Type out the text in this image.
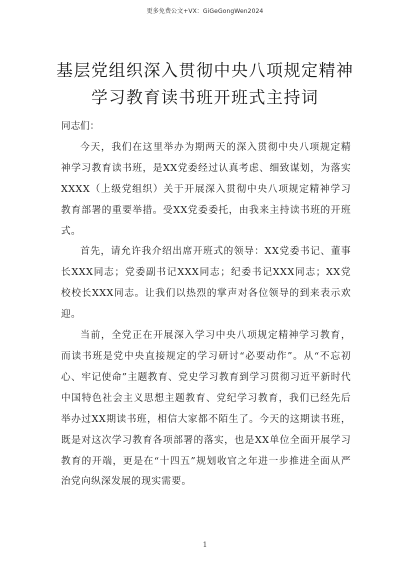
更多免费公文+VX：GiGeGongWen2024
基层党组织深入贯彻中央八项规定精神
学习教育读书班开班式主持词

同志们：

今天，我们在这里举办为期两天的深入贯彻中央八项规定精神学习教育读书班，是XX党委经过认真考虑、细致谋划，为落实XXXX（上级党组织）关于开展深入贯彻中央八项规定精神学习教育部署的重要举措。受XX党委委托，由我来主持读书班的开班式。

首先，请允许我介绍出席开班式的领导：XX党委书记、董事长XXX同志；党委副书记XXX同志；纪委书记XXX同志；XX党校校长XXX同志。让我们以热烈的掌声对各位领导的到来表示欢迎。

当前，全党正在开展深入学习中央八项规定精神学习教育，而读书班是党中央直接规定的学习研讨“必要动作”。从“不忘初心、牢记使命”主题教育、党史学习教育到学习贯彻习近平新时代中国特色社会主义思想主题教育、党纪学习教育，我们已经先后举办过XX期读书班，相信大家都不陌生了。今天的这期读书班，既是对这次学习教育各项部署的落实，也是XX单位全面开展学习教育的开端，更是在“十四五”规划收官之年进一步推进全面从严治党向纵深发展的现实需要。

1
